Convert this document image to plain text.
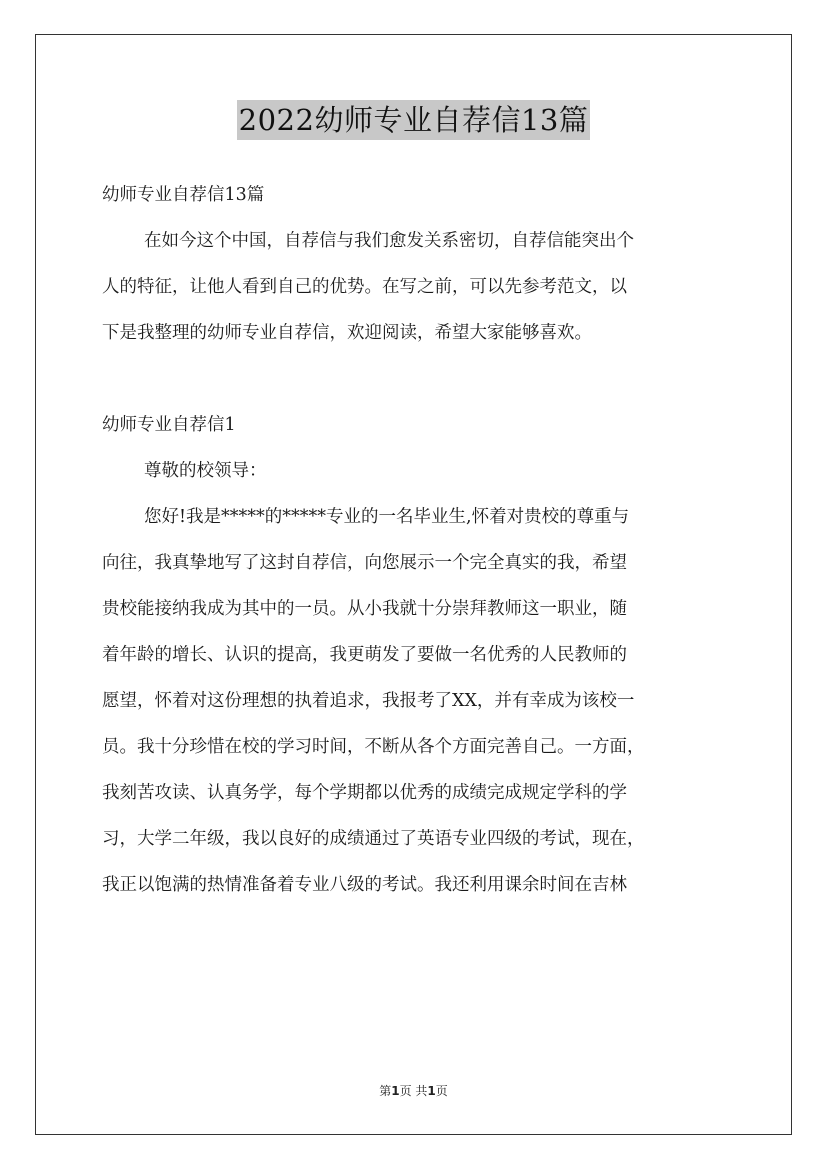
2022幼师专业自荐信13篇
幼师专业自荐信13篇
在如今这个中国，自荐信与我们愈发关系密切，自荐信能突出个
人的特征，让他人看到自己的优势。在写之前，可以先参考范文，以
下是我整理的幼师专业自荐信，欢迎阅读，希望大家能够喜欢。
幼师专业自荐信1
尊敬的校领导：
您好!我是*****的*****专业的一名毕业生,怀着对贵校的尊重与
向往，我真挚地写了这封自荐信，向您展示一个完全真实的我，希望
贵校能接纳我成为其中的一员。从小我就十分崇拜教师这一职业，随
着年龄的增长、认识的提高，我更萌发了要做一名优秀的人民教师的
愿望，怀着对这份理想的执着追求，我报考了XX，并有幸成为该校一
员。我十分珍惜在校的学习时间，不断从各个方面完善自己。一方面，
我刻苦攻读、认真务学，每个学期都以优秀的成绩完成规定学科的学
习，大学二年级，我以良好的成绩通过了英语专业四级的考试，现在，
我正以饱满的热情准备着专业八级的考试。我还利用课余时间在吉林
第1页 共1页
